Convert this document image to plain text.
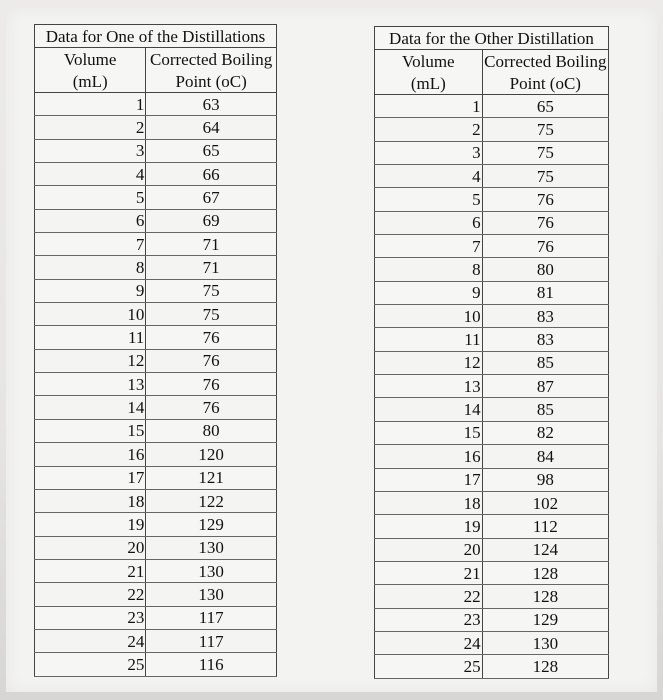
Data for One of the Distillations	
Volume	Corrected Boiling
(mL)	Point (oC)
1	63
2	64
3	65
4	66
5	67
6	69
7	71
8	71
9	75
10	75
11	76
12	76
13	76
14	76
15	80
16	120
17	121
18	122
19	129
20	130
21	130
22	130
23	117
24	117
25	116
Data for the Other Distillation	
Volume	Corrected Boiling
(mL)	Point (oC)
1	65
2	75
3	75
4	75
5	76
6	76
7	76
8	80
9	81
10	83
11	83
12	85
13	87
14	85
15	82
16	84
17	98
18	102
19	112
20	124
21	128
22	128
23	129
24	130
25	128
